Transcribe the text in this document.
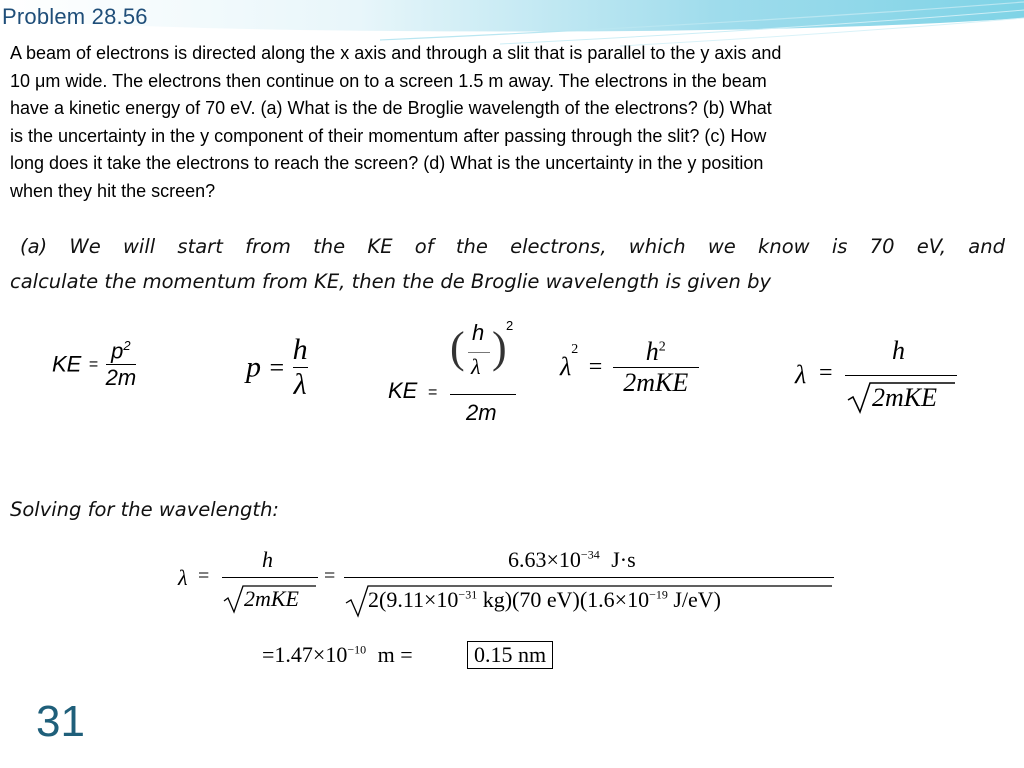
Problem 28.56
A beam of electrons is directed along the x axis and through a slit that is parallel to the y axis and
10 μm wide. The electrons then continue on to a screen 1.5 m away. The electrons in the beam
have a kinetic energy of 70 eV. (a) What is the de Broglie wavelength of the electrons? (b) What
is the uncertainty in the y component of their momentum after passing through the slit? (c) How
long does it take the electrons to reach the screen? (d) What is the uncertainty in the y position
when they hit the screen?
(a) We will start from the KE of the electrons, which we know is 70 eV, and
calculate the momentum from KE, then the de Broglie wavelength is given by
KE = $\frac{p^2}{2m}$	$p = \frac{h}{\lambda}$	KE =
( h
λ ) 2
2m
$\lambda^2 = \frac{h^2}{\text{2mKE}}$	λ =
h
2mKE
Solving for the wavelength:
λ =
h
2mKE
=
$6.63\times 10^{-34}$ J·s
$2(9.11\times 10^{-31}$ kg)(70 $eV)(1.6\times 10^{-19}$ J/eV)
$=1.47\times 10^{-10}$ m =	0.15 nm
31
